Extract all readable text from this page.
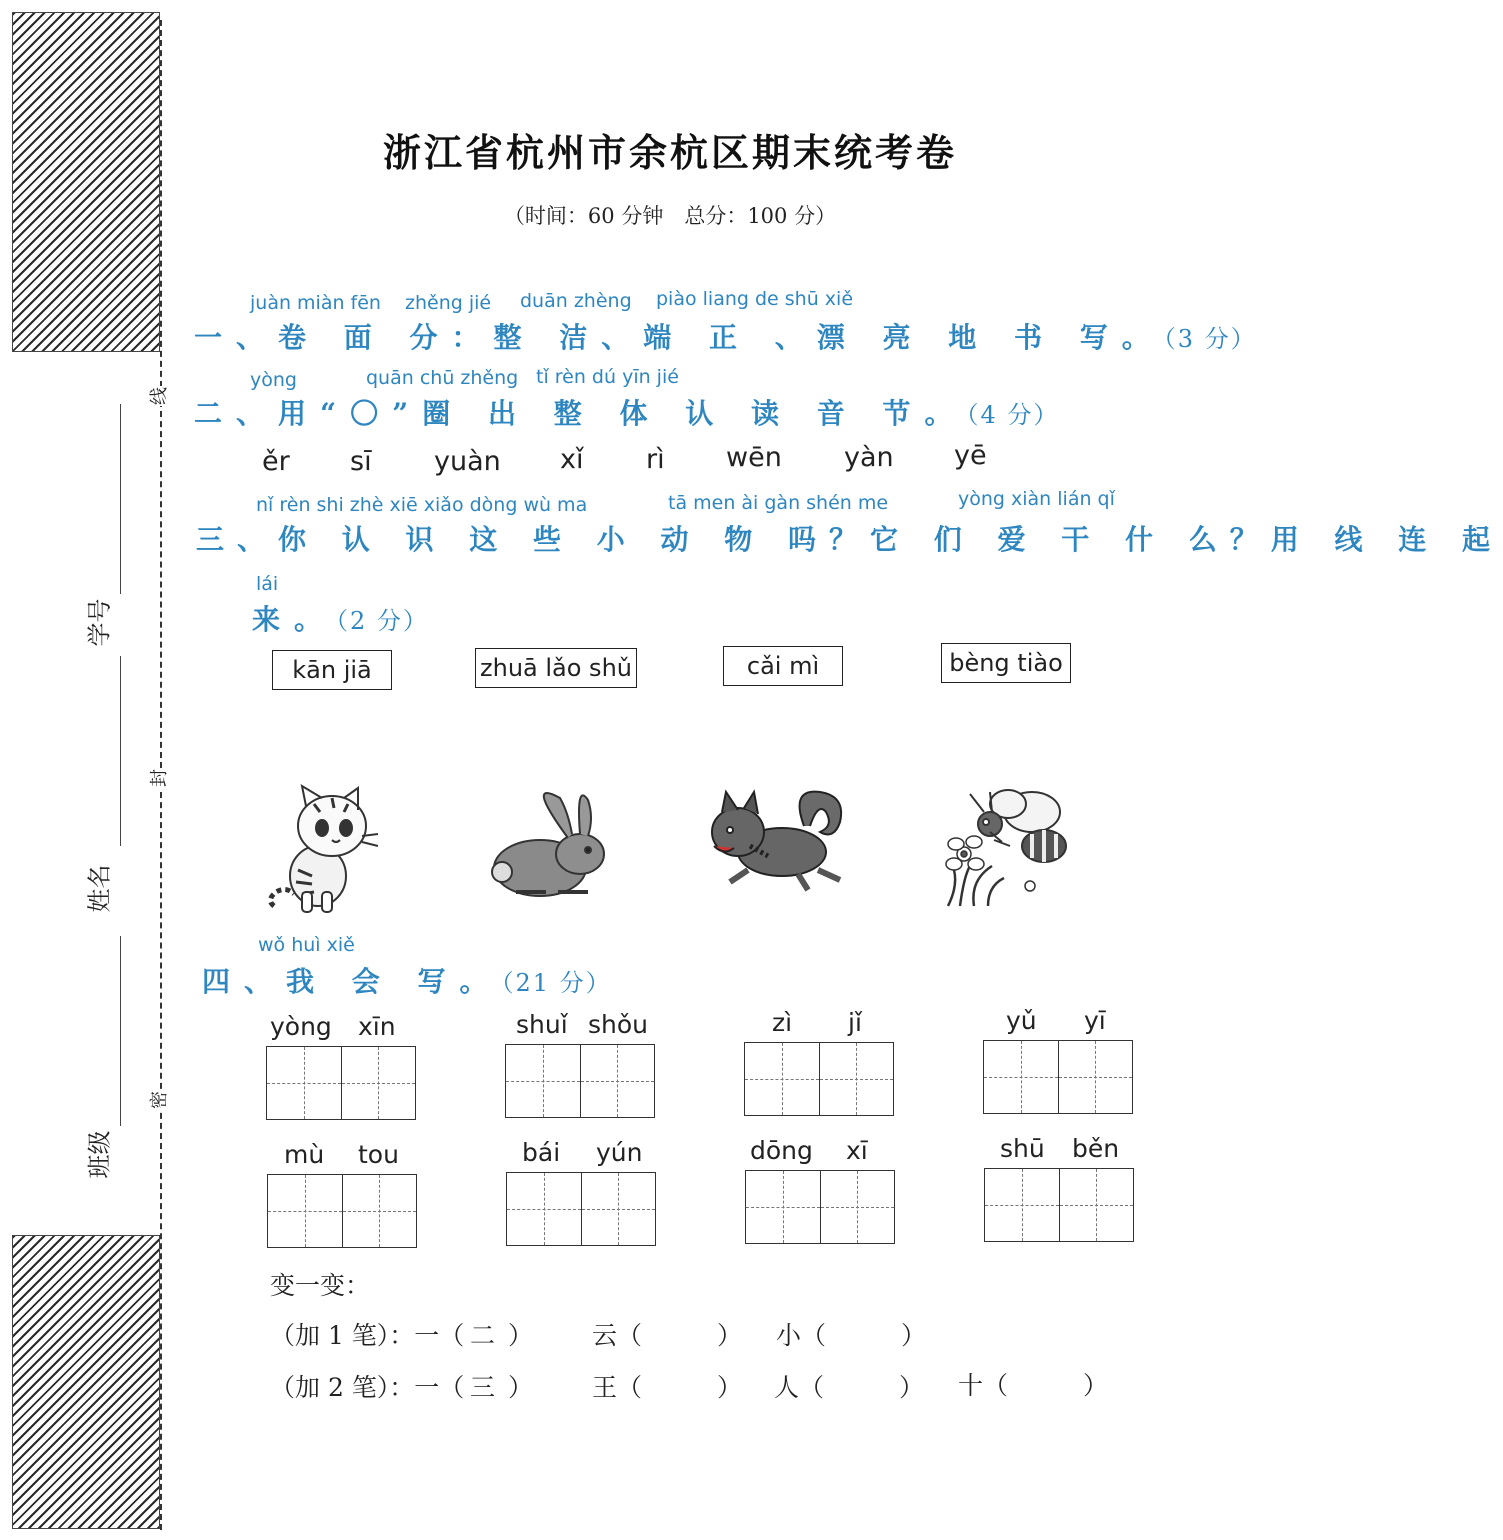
线
封
密
学号
姓名
班级
浙江省杭州市余杭区期末统考卷
（时间：60 分钟　总分：100 分）
juàn miàn fēn zhěng jié duān zhèng piào liang de shū xiě
一、卷 面 分：整 洁、端 正 、漂 亮 地 书 写。（3 分）
yòng	quān chū zhěng tǐ rèn dú yīn jié
二、用“〇”圈 出 整 体 认 读 音 节。（4 分）
ěr sī yuàn xǐ rì wēn yàn yē
nǐ rèn shi zhè xiē xiǎo dòng wù ma	tā men ài gàn shén me	yòng xiàn lián qǐ
三、你 认 识 这 些 小 动 物 吗？它 们 爱 干 什 么？用 线 连 起
lái
来。（2 分）
kān jiā	zhuā lǎo shǔ	cǎi mì	bèng tiào
wǒ huì xiě
四、我 会 写。（21 分）
yòng xīn	shuǐ shǒu	zì jǐ	yǔ yī
mù tou	bái yún	dōng xī	shū běn
变一变：
（加 1 笔）：一（ 二 ） 云（　　　） 小（　　　）
（加 2 笔）：一（ 三 ） 王（　　　） 人（　　　） 十（　　　）
